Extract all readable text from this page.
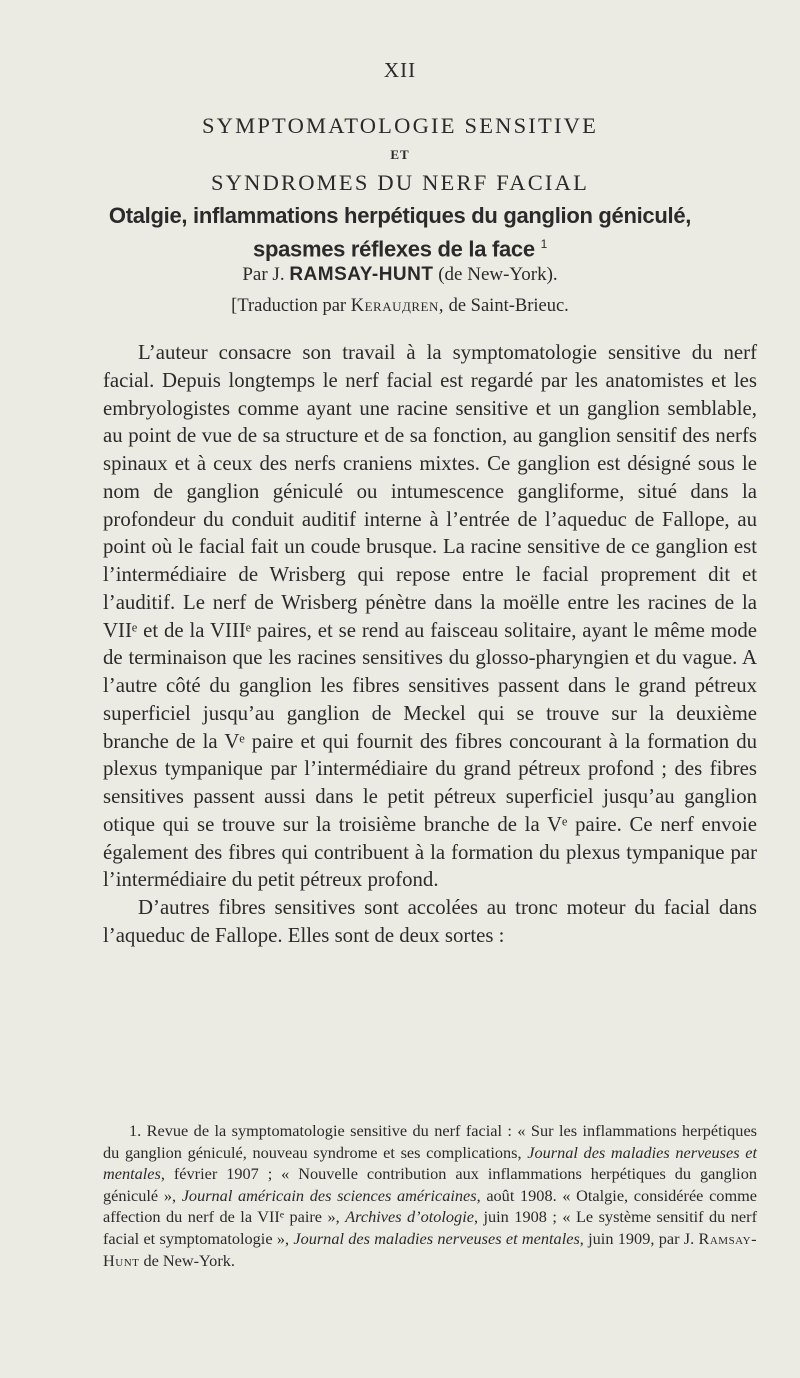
XII
SYMPTOMATOLOGIE SENSITIVE
ET
SYNDROMES DU NERF FACIAL
Otalgie, inflammations herpétiques du ganglion géniculé,
spasmes réflexes de la face $^1$
Par J. RAMSAY-HUNT (de New-York).
[Traduction par Kerauдren, de Saint-Brieuc.

L’auteur consacre son travail à la symptomatologie sensitive du nerf facial. Depuis longtemps le nerf facial est regardé par les anatomistes et les embryologistes comme ayant une racine sensitive et un ganglion semblable, au point de vue de sa structure et de sa fonction, au ganglion sensitif des nerfs spinaux et à ceux des nerfs craniens mixtes. Ce ganglion est désigné sous le nom de ganglion géniculé ou intumescence gangliforme, situé dans la profondeur du conduit auditif interne à l’entrée de l’aqueduc de Fallope, au point où le facial fait un coude brusque. La racine sensitive de ce ganglion est l’intermédiaire de Wrisberg qui repose entre le facial proprement dit et l’auditif. Le nerf de Wrisberg pénètre dans la moëlle entre les racines de la VIIᵉ et de la VIIIᵉ paires, et se rend au faisceau solitaire, ayant le même mode de terminaison que les racines sensitives du glosso-pharyngien et du vague. A l’autre côté du ganglion les fibres sensitives passent dans le grand pétreux superficiel jusqu’au ganglion de Meckel qui se trouve sur la deuxième branche de la Vᵉ paire et qui fournit des fibres concourant à la formation du plexus tympanique par l’intermédiaire du grand pétreux profond ; des fibres sensitives passent aussi dans le petit pétreux superficiel jusqu’au ganglion otique qui se trouve sur la troisième branche de la Vᵉ paire. Ce nerf envoie également des fibres qui contribuent à la formation du plexus tympanique par l’intermédiaire du petit pétreux profond.

D’autres fibres sensitives sont accolées au tronc moteur du facial dans l’aqueduc de Fallope. Elles sont de deux sortes :

1. Revue de la symptomatologie sensitive du nerf facial : « Sur les inflammations herpétiques du ganglion géniculé, nouveau syndrome et ses complications, Journal des maladies nerveuses et mentales, février 1907 ; « Nouvelle contribution aux inflammations herpétiques du ganglion géniculé », Journal américain des sciences américaines, août 1908. « Otalgie, considérée comme affection du nerf de la VIIᵉ paire », Archives d’otologie, juin 1908 ; « Le système sensitif du nerf facial et symptomatologie », Journal des maladies nerveuses et mentales, juin 1909, par J. Ramsay-Hunt de New-York.
